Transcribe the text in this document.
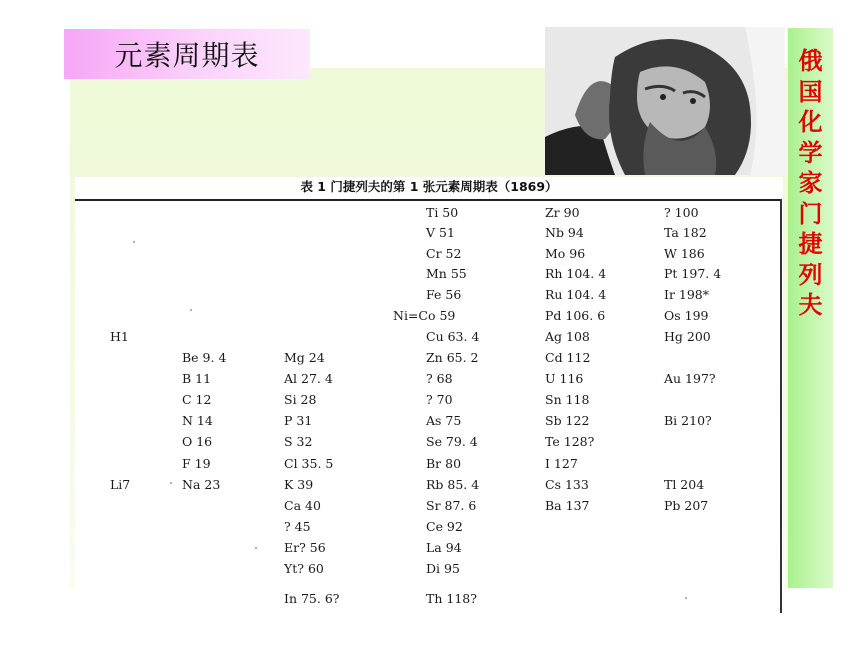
元素周期表	俄国化学家门捷列夫
表 1 门捷列夫的第 1 张元素周期表（1869）
H1
Li7
Be 9. 4
B 11
C 12
N 14
O 16
F 19
Na 23
Mg 24
Al 27. 4
Si 28
P 31
S 32
Cl 35. 5
K 39
Ca 40
? 45
Er? 56
Yt? 60
In 75. 6?
Ti 50
V 51
Cr 52
Mn 55
Fe 56
Ni=Co 59
Cu 63. 4
Zn 65. 2
? 68
? 70
As 75
Se 79. 4
Br 80
Rb 85. 4
Sr 87. 6
Ce 92
La 94
Di 95
Th 118?
Zr 90
Nb 94
Mo 96
Rh 104. 4
Ru 104. 4
Pd 106. 6
Ag 108
Cd 112
U 116
Sn 118
Sb 122
Te 128?
I 127
Cs 133
Ba 137
? 100
Ta 182
W 186
Pt 197. 4
Ir 198*
Os 199
Hg 200
Au 197?
Bi 210?
Tl 204
Pb 207
